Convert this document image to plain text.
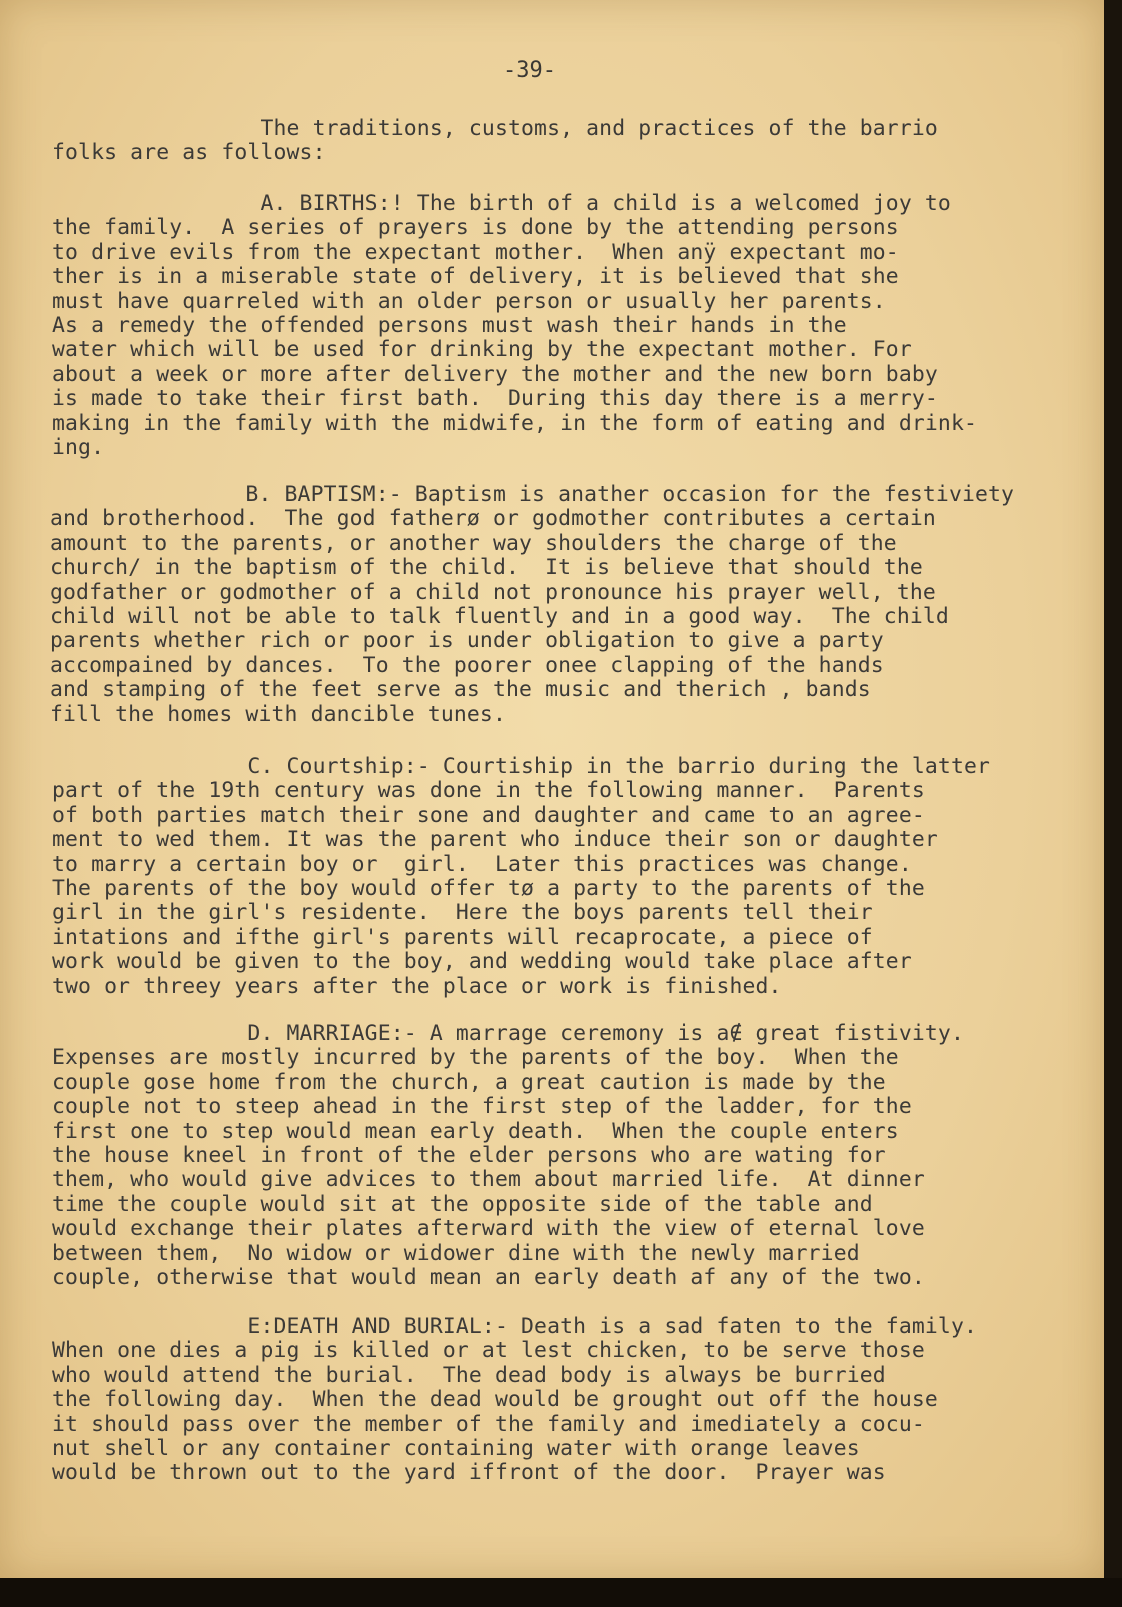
-39-
The traditions, customs, and practices of the barrio
folks are as follows:
A. BIRTHS:! The birth of a child is a welcomed joy to
the family.  A series of prayers is done by the attending persons
to drive evils from the expectant mother.  When anÿ expectant mo-
ther is in a miserable state of delivery, it is believed that she
must have quarreled with an older person or usually her parents.
As a remedy the offended persons must wash their hands in the
water which will be used for drinking by the expectant mother. For
about a week or more after delivery the mother and the new born baby
is made to take their first bath.  During this day there is a merry-
making in the family with the midwife, in the form of eating and drink-
ing.
B. BAPTISM:- Baptism is anather occasion for the festiviety
and brotherhood.  The god fatherø or godmother contributes a certain
amount to the parents, or another way shoulders the charge of the
church/ in the baptism of the child.  It is believe that should the
godfather or godmother of a child not pronounce his prayer well, the
child will not be able to talk fluently and in a good way.  The child
parents whether rich or poor is under obligation to give a party
accompained by dances.  To the poorer onee clapping of the hands
and stamping of the feet serve as the music and therich , bands
fill the homes with dancible tunes.
C. Courtship:- Courtiship in the barrio during the latter
part of the 19th century was done in the following manner.  Parents
of both parties match their sone and daughter and came to an agree-
ment to wed them. It was the parent who induce their son or daughter
to marry a certain boy or  girl.  Later this practices was change.
The parents of the boy would offer tø a party to the parents of the
girl in the girl's residente.  Here the boys parents tell their
intations and ifthe girl's parents will recaprocate, a piece of
work would be given to the boy, and wedding would take place after
two or threey years after the place or work is finished.
D. MARRIAGE:- A marrage ceremony is a∉ great fistivity.
Expenses are mostly incurred by the parents of the boy.  When the
couple gose home from the church, a great caution is made by the
couple not to steep ahead in the first step of the ladder, for the
first one to step would mean early death.  When the couple enters
the house kneel in front of the elder persons who are wating for
them, who would give advices to them about married life.  At dinner
time the couple would sit at the opposite side of the table and
would exchange their plates afterward with the view of eternal love
between them,  No widow or widower dine with the newly married
couple, otherwise that would mean an early death af any of the two.
E:DEATH AND BURIAL:- Death is a sad faten to the family.
When one dies a pig is killed or at lest chicken, to be serve those
who would attend the burial.  The dead body is always be burried
the following day.  When the dead would be grought out off the house
it should pass over the member of the family and imediately a cocu-
nut shell or any container containing water with orange leaves
would be thrown out to the yard iffront of the door.  Prayer was
